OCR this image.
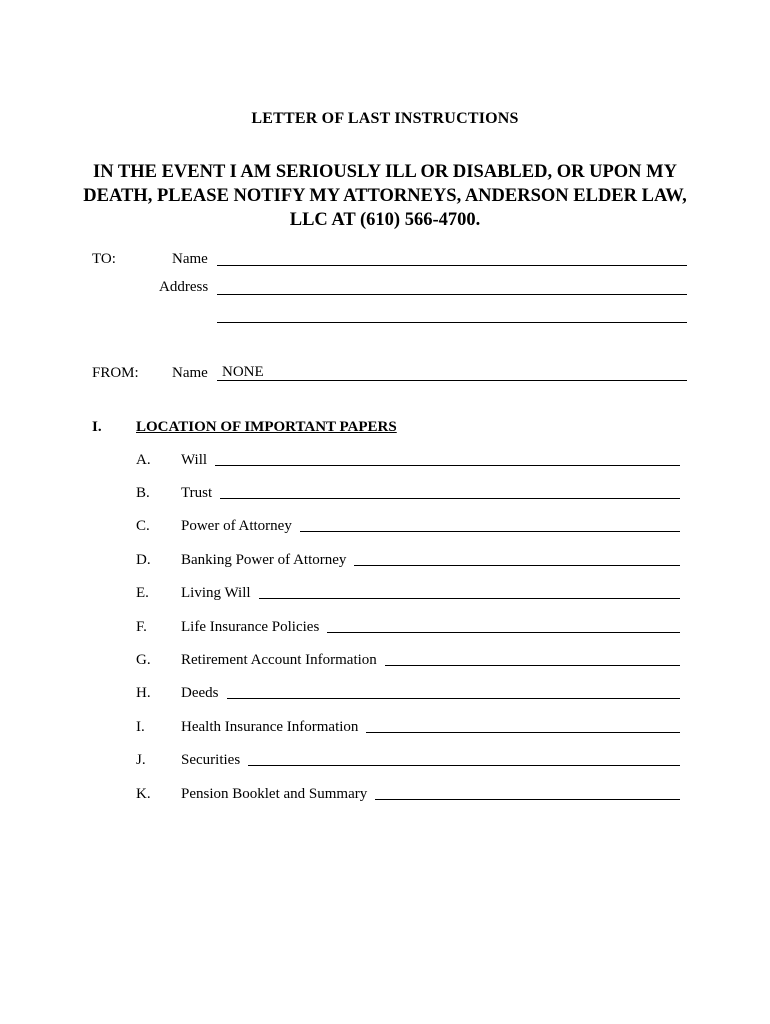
LETTER OF LAST INSTRUCTIONS
IN THE EVENT I AM SERIOUSLY ILL OR DISABLED, OR UPON MY DEATH, PLEASE NOTIFY MY ATTORNEYS, ANDERSON ELDER LAW, LLC AT (610) 566-4700.
TO:	Name
Address
FROM: Name NONE
I. LOCATION OF IMPORTANT PAPERS
A. Will
B. Trust
C. Power of Attorney
D. Banking Power of Attorney
E. Living Will
F. Life Insurance Policies
G. Retirement Account Information
H. Deeds
I. Health Insurance Information
J. Securities
K. Pension Booklet and Summary
